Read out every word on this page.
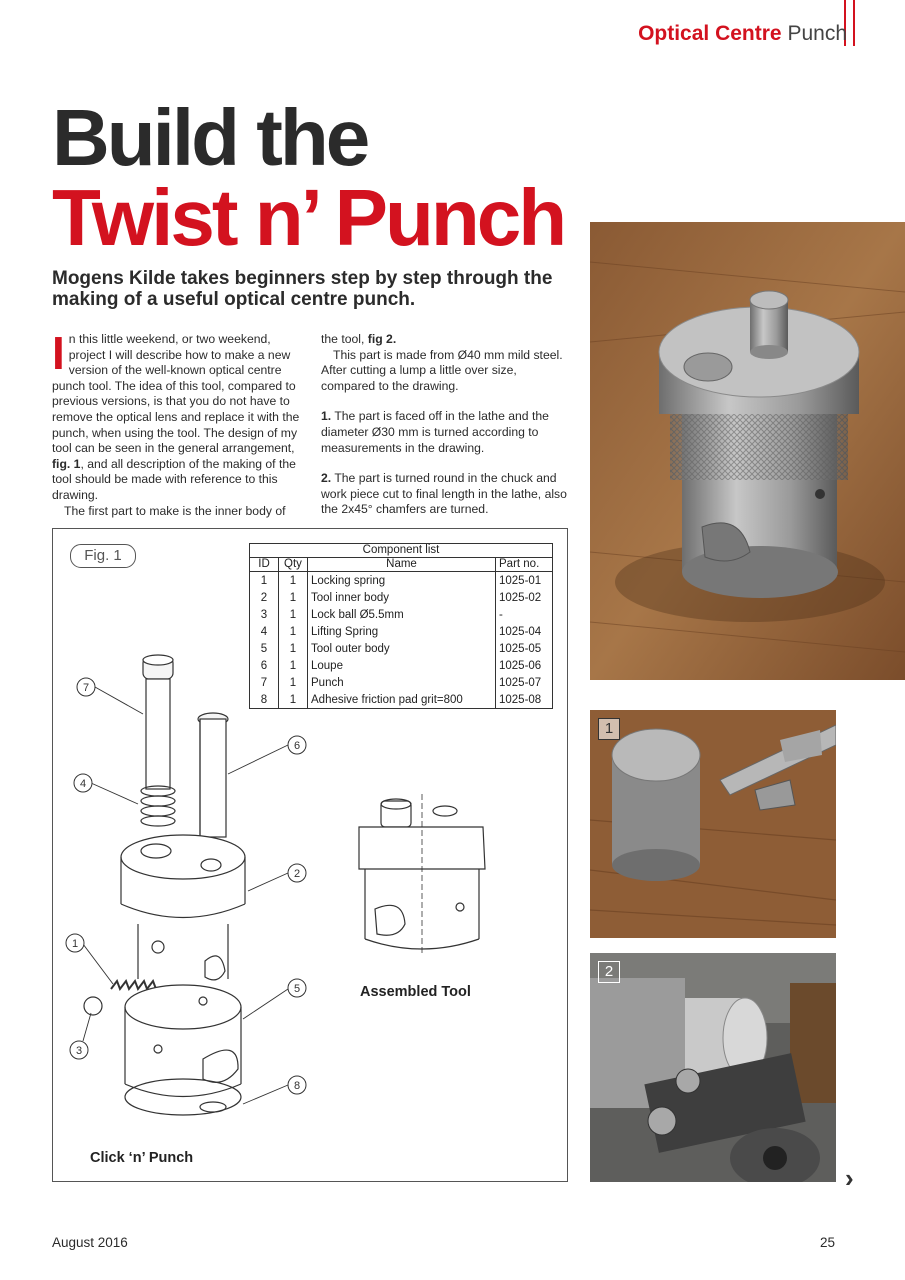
Optical Centre Punch
Build the
Twist n’ Punch
Mogens Kilde takes beginners step by step through the making of a useful optical centre punch.

In this little weekend, or two weekend, project I will describe how to make a new version of the well-known optical centre punch tool. The idea of this tool, compared to previous versions, is that you do not have to remove the optical lens and replace it with the punch, when using the tool. The design of my tool can be seen in the general arrangement, fig. 1, and all description of the making of the tool should be made with reference to this drawing.

The first part to make is the inner body of

the tool, fig 2.

This part is made from Ø40 mm mild steel. After cutting a lump a little over size, compared to the drawing.

1. The part is faced off in the lathe and the diameter Ø30 mm is turned according to measurements in the drawing.

2. The part is turned round in the chuck and work piece cut to final length in the lathe, also the 2x45° chamfers are turned.

Fig. 1	Component list
ID	Qty	Name	Part no.
1	1	Locking spring	1025-01
2	1	Tool inner body	1025-02
3	1	Lock ball Ø5.5mm	-
4	1	Lifting Spring	1025-04
5	1	Tool outer body	1025-05
6	1	Loupe	1025-06
7	1	Punch	1025-07
8	1	Adhesive friction pad grit=800	1025-08
7
4
6
2
1
5
3
8
Assembled Tool
Click ‘n’ Punch
1
2
›
August 2016	25
